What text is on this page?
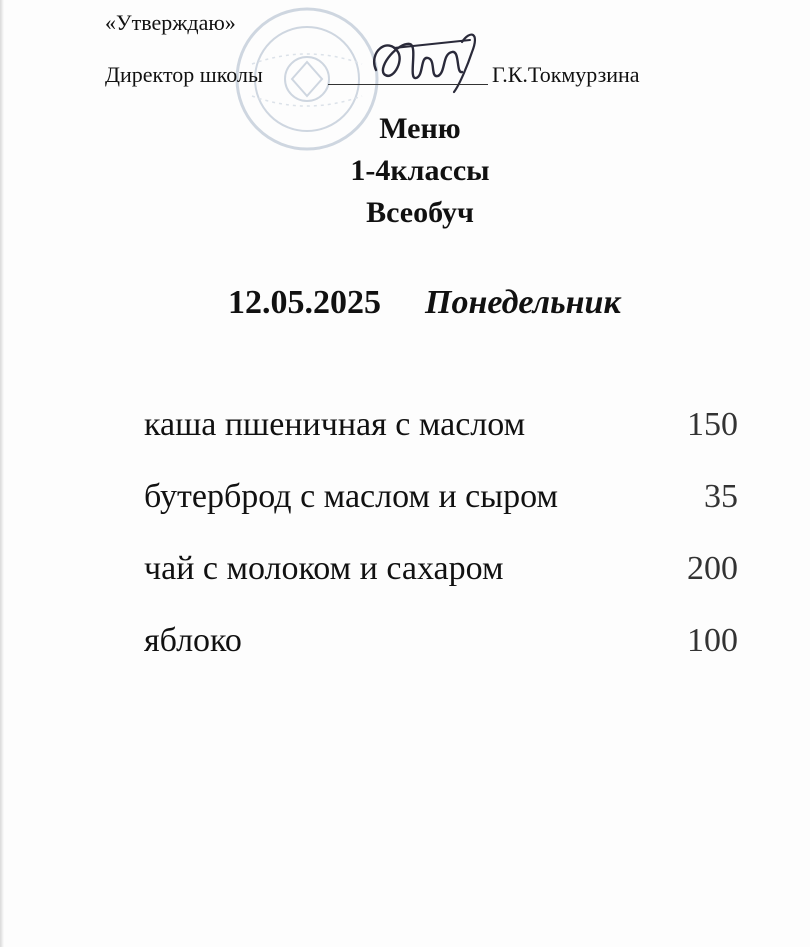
«Утверждаю»
Директор школы	Г.К.Токмурзина
Меню
1-4классы
Всеобуч
12.05.2025 Понедельник
каша пшеничная с маслом	150
бутерброд с маслом и сыром	35
чай с молоком и сахаром	200
яблоко	100
